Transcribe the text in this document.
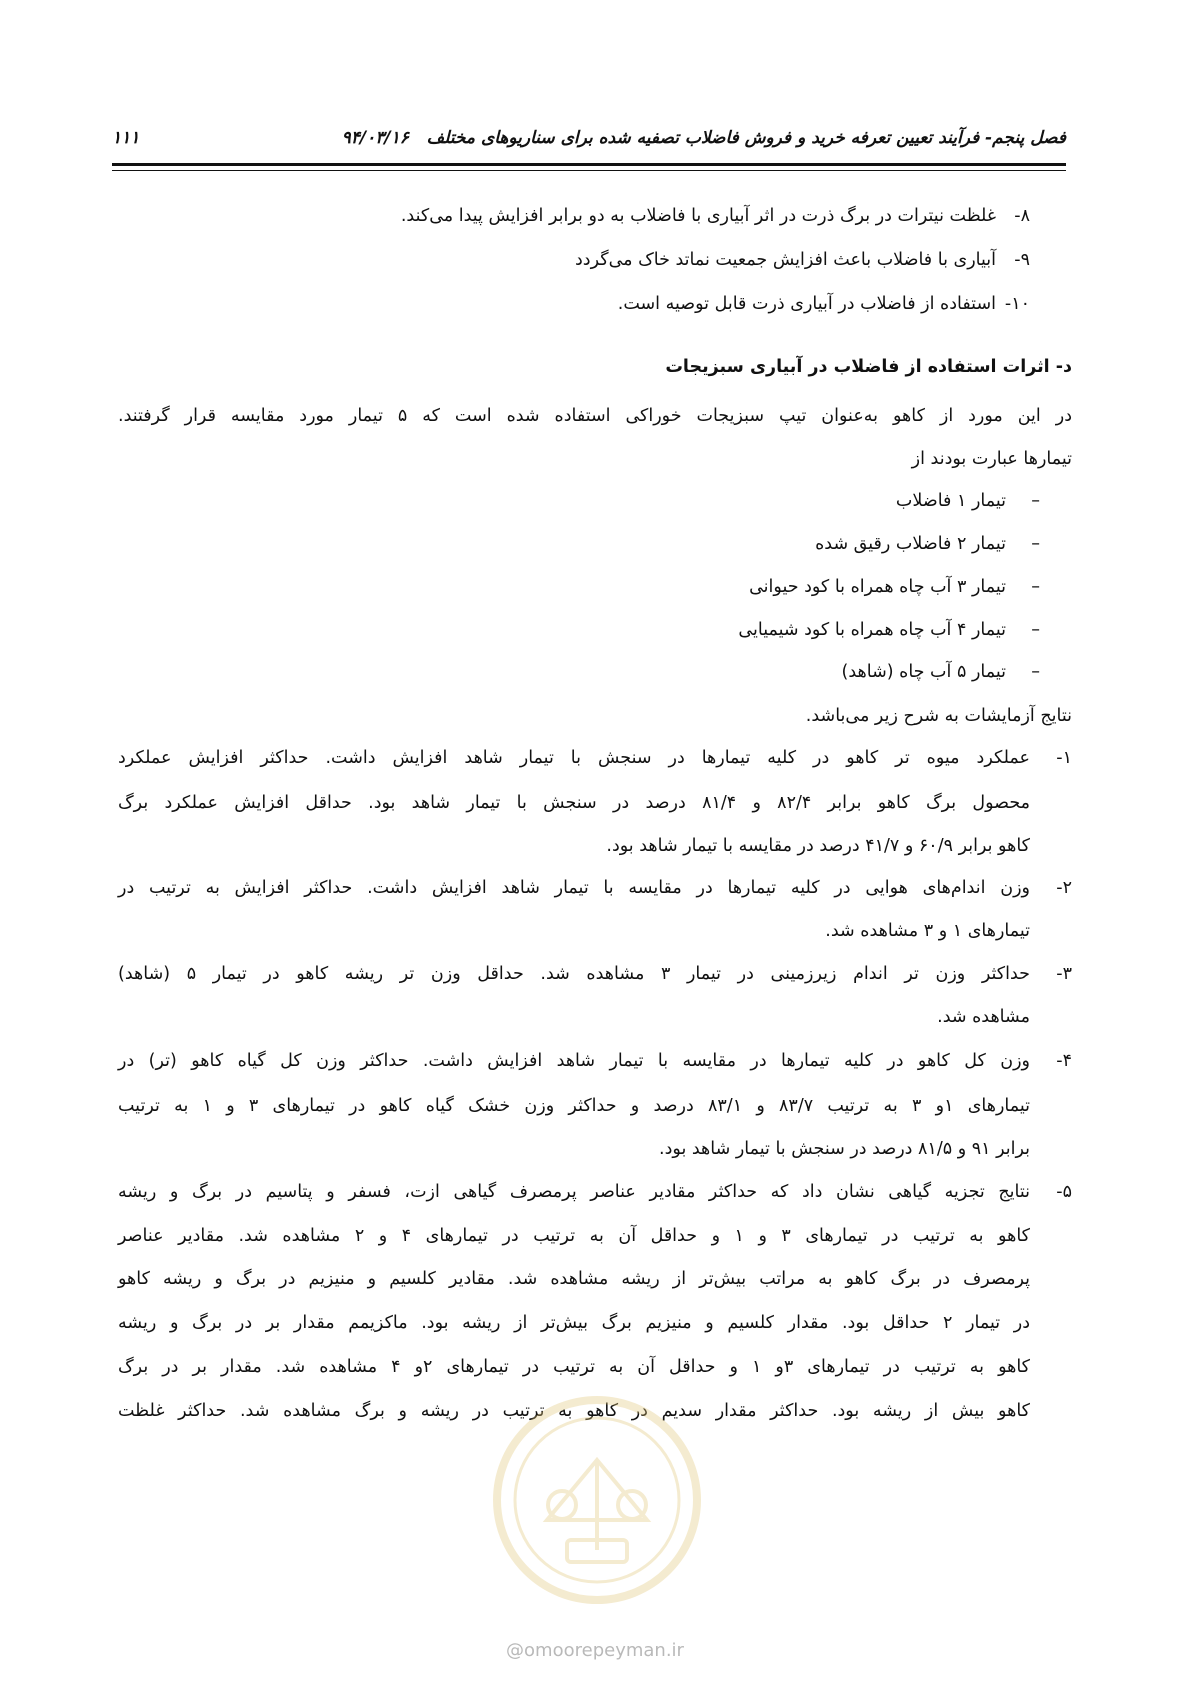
فصل پنجم- فرآیند تعیین تعرفه خرید و فروش فاضلاب تصفیه شده برای سناریوهای مختلف   ۹۴/۰۳/۱۶
۱۱۱
۸-غلظت نیترات در برگ ذرت در اثر آبیاری با فاضلاب به دو برابر افزایش پیدا می‌کند.
۹-آبیاری با فاضلاب باعث افزایش جمعیت نماتد خاک می‌گردد
۱۰-استفاده از فاضلاب در آبیاری ذرت قابل توصیه است.
د- اثرات استفاده از فاضلاب در آبیاری سبزیجات
در این مورد از کاهو به‌عنوان تیپ سبزیجات خوراکی استفاده شده است که ۵ تیمار مورد مقایسه قرار گرفتند.
تیمارها عبارت بودند از
–تیمار ۱ فاضلاب
–تیمار ۲ فاضلاب رقیق شده
–تیمار ۳ آب چاه همراه با کود حیوانی
–تیمار ۴ آب چاه همراه با کود شیمیایی
–تیمار ۵ آب چاه (شاهد)
نتایج آزمایشات به شرح زیر می‌باشد.
۱-
عملکرد میوه تر کاهو در کلیه تیمارها در سنجش با تیمار شاهد افزایش داشت. حداکثر افزایش عملکرد
محصول برگ کاهو برابر ۸۲/۴ و ۸۱/۴ درصد در سنجش با تیمار شاهد بود. حداقل افزایش عملکرد برگ
کاهو برابر ۶۰/۹ و ۴۱/۷ درصد در مقایسه با تیمار شاهد بود.
۲-
وزن اندام‌های هوایی در کلیه تیمارها در مقایسه با تیمار شاهد افزایش داشت. حداکثر افزایش به ترتیب در
تیمارهای ۱ و ۳ مشاهده شد.
۳-
حداکثر وزن تر اندام زیرزمینی در تیمار ۳ مشاهده شد. حداقل وزن تر ریشه کاهو در تیمار ۵ (شاهد)
مشاهده شد.
۴-
وزن کل کاهو در کلیه تیمارها در مقایسه با تیمار شاهد افزایش داشت. حداکثر وزن کل گیاه کاهو (تر) در
تیمارهای ۱و ۳ به ترتیب ۸۳/۷ و ۸۳/۱ درصد و حداکثر وزن خشک گیاه کاهو در تیمارهای ۳ و ۱ به ترتیب
برابر ۹۱ و ۸۱/۵ درصد در سنجش با تیمار شاهد بود.
۵-
نتایج تجزیه گیاهی نشان داد که حداکثر مقادیر عناصر پرمصرف گیاهی ازت، فسفر و پتاسیم در برگ و ریشه
کاهو به ترتیب در تیمارهای ۳ و ۱ و حداقل آن به ترتیب در تیمارهای ۴ و ۲ مشاهده شد. مقادیر عناصر
پرمصرف در برگ کاهو به مراتب بیش‌تر از ریشه مشاهده شد. مقادیر کلسیم و منیزیم در برگ و ریشه کاهو
در تیمار ۲ حداقل بود. مقدار کلسیم و منیزیم برگ بیش‌تر از ریشه بود. ماکزیمم مقدار بر در برگ و ریشه
کاهو به ترتیب در تیمارهای ۳و ۱ و حداقل آن به ترتیب در تیمارهای ۲و ۴ مشاهده شد. مقدار بر در برگ
کاهو بیش از ریشه بود. حداکثر مقدار سدیم در کاهو به ترتیب در ریشه و برگ مشاهده شد. حداکثر غلظت
@omoorepeyman.ir
